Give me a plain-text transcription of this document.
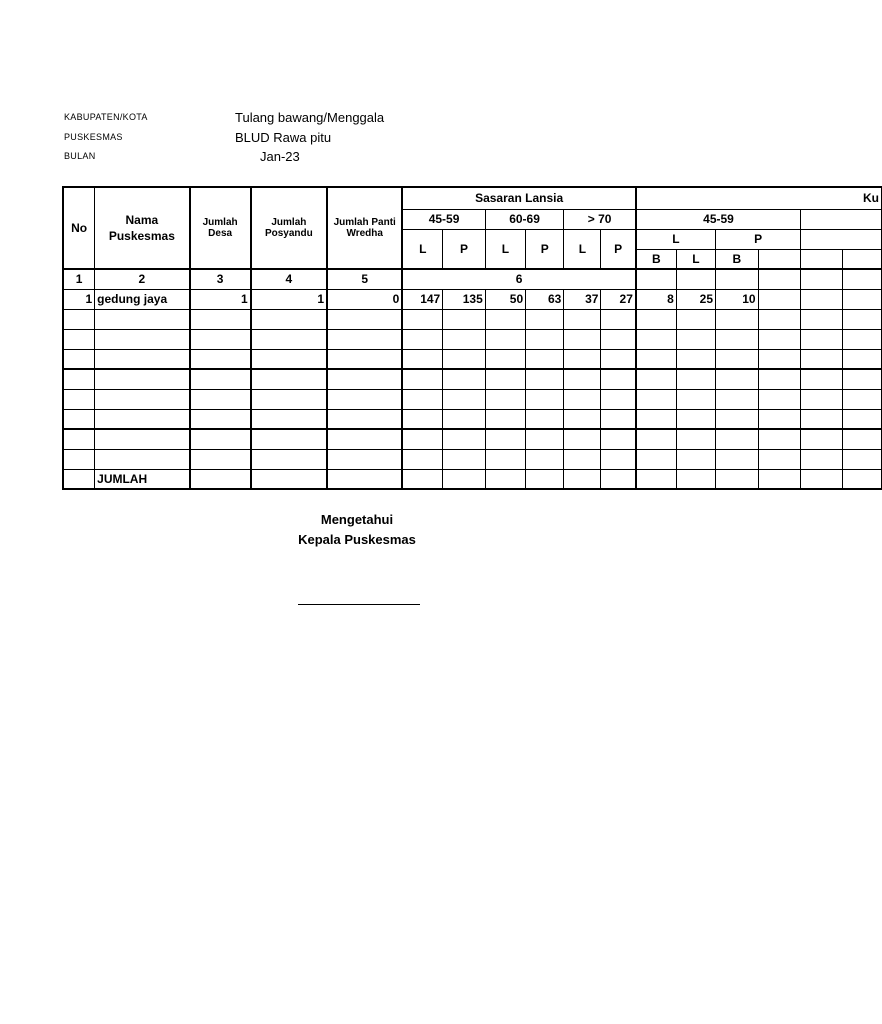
KABUPATEN/KOTA	Tulang bawang/Menggala
PUSKESMAS	BLUD Rawa pitu
BULAN	Jan-23
No	Nama Puskesmas	Jumlah Desa	Jumlah Posyandu	Jumlah Panti Wredha	Sasaran Lansia						Ku					
					45-59		60-69		> 70		45-59					
					L	P	L	P	L	P	L		P			
											B	L	B			
1	2	3	4	5	6											
1	gedung jaya	1	1	0	147	135	50	63	37	27	8	25	10			

	JUMLAH															
Mengetahui
Kepala Puskesmas
